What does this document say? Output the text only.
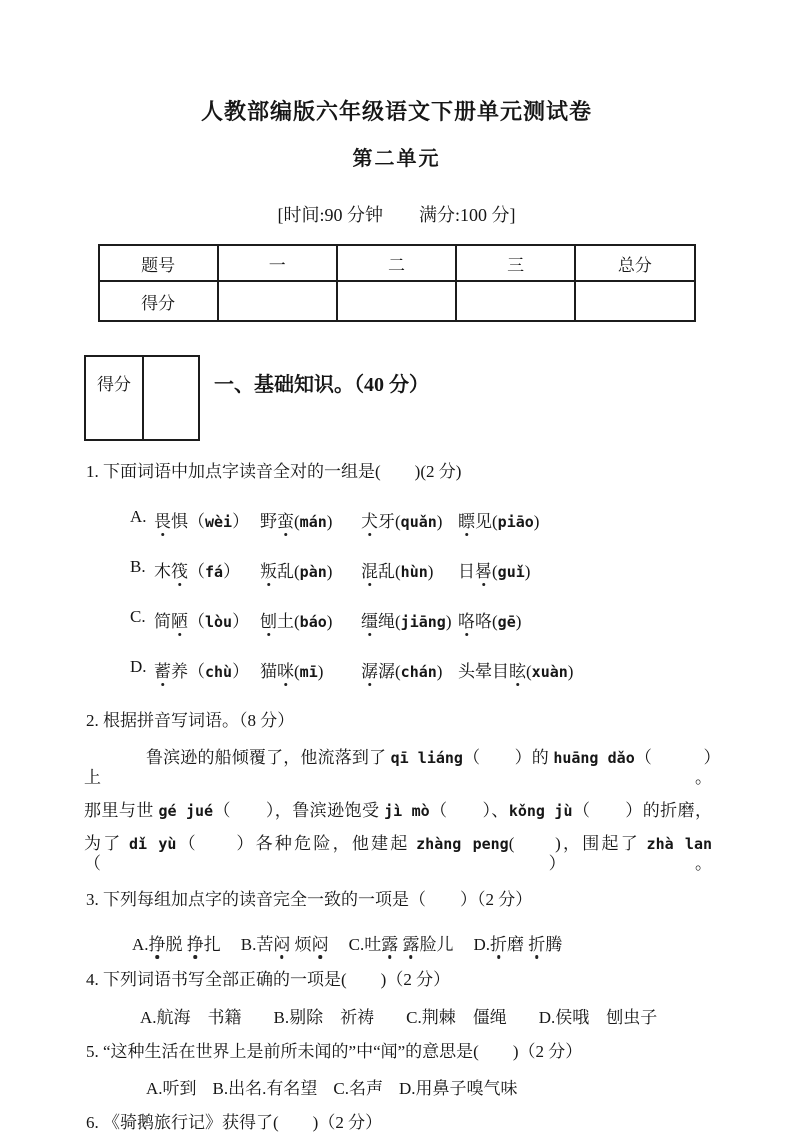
人教部编版六年级语文下册单元测试卷
第二单元
[时间:90 分钟　　满分:100 分]
题号	一	二	三	总分
得分				
得分	一、基础知识。（40 分）
1. 下面词语中加点字读音全对的一组是(　　)(2 分)
A. 畏惧（wèi） 野蛮(mán)	犬牙(quǎn) 瞟见(piāo)
B. 木筏（fá）	叛乱(pàn)	混乱(hùn)	日晷(guǐ)
C. 简陋（lòu） 刨土(báo)	缰绳(jiāng) 咯咯(gē)
D. 蓄养（chù） 猫咪(mī)	潺潺(chán) 头晕目眩(xuàn)
2. 根据拼音写词语。（8 分）
鲁滨逊的船倾覆了，他流落到了 qī liáng（　　）的 huāng dǎo（　　　）上。
那里与世 gé jué（　　），鲁滨逊饱受 jì mò（　　）、kǒng jù（　　）的折磨，
为了 dǐ yù（　　）各种危险，他建起 zhàng peng(　　)，围起了 zhà lan（　　）。
3. 下列每组加点字的读音完全一致的一项是（　　）（2 分）
A.挣脱 挣扎 B.苦闷 烦闷 C.吐露 露脸儿 D.折磨 折腾
4. 下列词语书写全部正确的一项是(　　)（2 分）
A.航海　书籍 B.剔除　祈祷 C.荆棘　僵绳 D.侯哦　刨虫子
5. “这种生活在世界上是前所未闻的”中“闻”的意思是(　　)（2 分）
A.听到 B.出名.有名望 C.名声 D.用鼻子嗅气味
6. 《骑鹅旅行记》获得了(　　)（2 分）
